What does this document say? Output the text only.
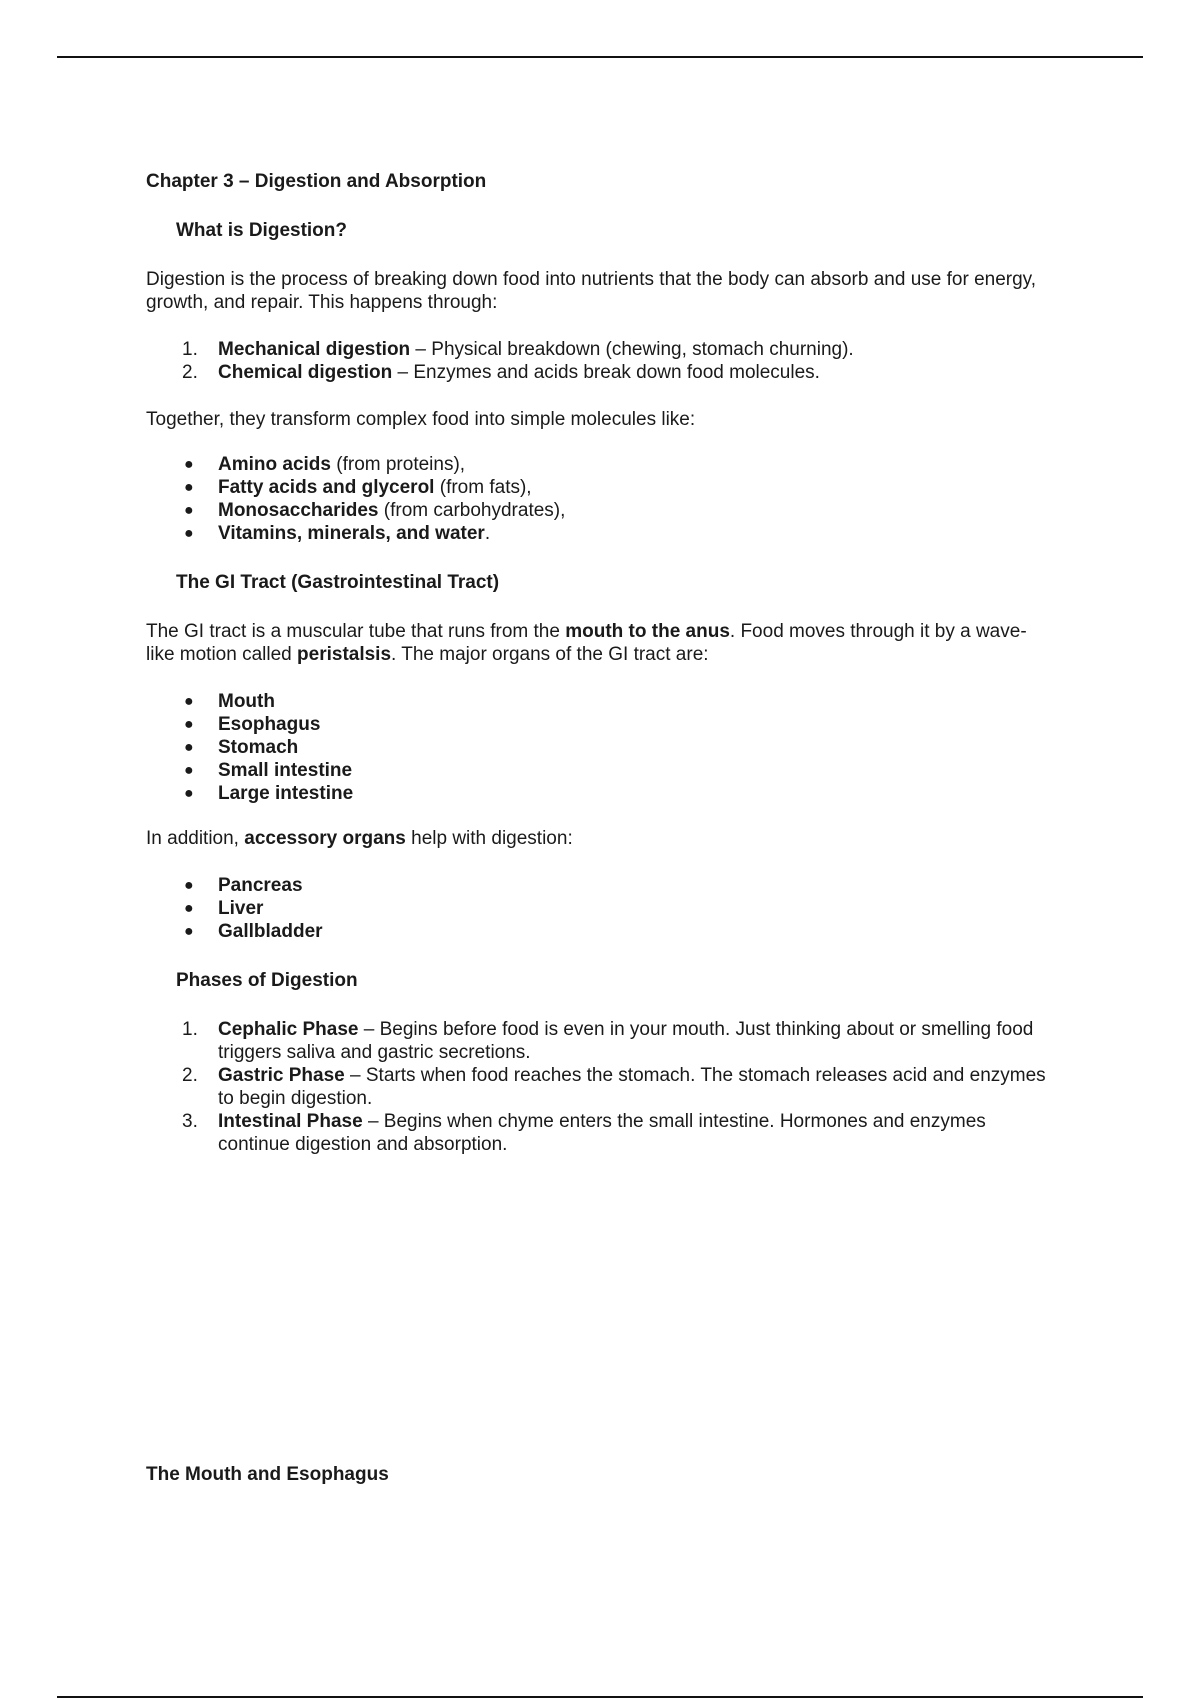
Chapter 3 – Digestion and Absorption

What is Digestion?

Digestion is the process of breaking down food into nutrients that the body can absorb and use for energy, growth, and repair. This happens through:

1. Mechanical digestion – Physical breakdown (chewing, stomach churning).
2. Chemical digestion – Enzymes and acids break down food molecules.

Together, they transform complex food into simple molecules like:

● Amino acids (from proteins),
● Fatty acids and glycerol (from fats),
● Monosaccharides (from carbohydrates),
● Vitamins, minerals, and water.

The GI Tract (Gastrointestinal Tract)

The GI tract is a muscular tube that runs from the mouth to the anus. Food moves through it by a wave-like motion called peristalsis. The major organs of the GI tract are:

● Mouth
● Esophagus
● Stomach
● Small intestine
● Large intestine

In addition, accessory organs help with digestion:

● Pancreas
● Liver
● Gallbladder

Phases of Digestion

1. Cephalic Phase – Begins before food is even in your mouth. Just thinking about or smelling food triggers saliva and gastric secretions.
2. Gastric Phase – Starts when food reaches the stomach. The stomach releases acid and enzymes to begin digestion.
3. Intestinal Phase – Begins when chyme enters the small intestine. Hormones and enzymes continue digestion and absorption.

The Mouth and Esophagus
